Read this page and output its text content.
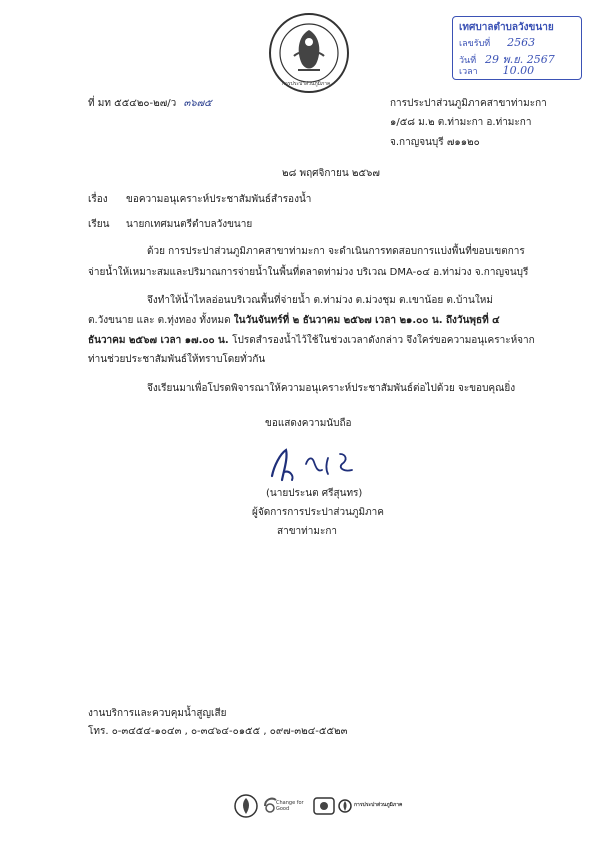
การประปาส่วนภูมิภาค
เทศบาลตำบลวังขนาย
เลขรับที่ 2563
วันที่ 29 พ.ย. 2567
เวลา 10.00
ที่ มท ๕๕๔๒๐-๒๗/ว ๓๖๗๕	การประปาส่วนภูมิภาคสาขาท่ามะกา
๑/๕๘ ม.๒ ต.ท่ามะกา อ.ท่ามะกา
จ.กาญจนบุรี ๗๑๑๒๐
๒๘ พฤศจิกายน ๒๕๖๗
เรื่อง ขอความอนุเคราะห์ประชาสัมพันธ์สำรองน้ำ
เรียน นายกเทศมนตรีตำบลวังขนาย
ด้วย การประปาส่วนภูมิภาคสาขาท่ามะกา จะดำเนินการทดสอบการแบ่งพื้นที่ขอบเขตการ
จ่ายน้ำให้เหมาะสมและปริมาณการจ่ายน้ำในพื้นที่ตลาดท่าม่วง บริเวณ DMA-๐๔ อ.ท่าม่วง จ.กาญจนบุรี
จึงทำให้น้ำไหลอ่อนบริเวณพื้นที่จ่ายน้ำ ต.ท่าม่วง ต.ม่วงชุม ต.เขาน้อย ต.บ้านใหม่
ต.วังขนาย และ ต.ทุ่งทอง ทั้งหมด ในวันจันทร์ที่ ๒ ธันวาคม ๒๕๖๗ เวลา ๒๑.๐๐ น. ถึงวันพุธที่ ๔
ธันวาคม ๒๕๖๗ เวลา ๑๗.๐๐ น. โปรดสำรองน้ำไว้ใช้ในช่วงเวลาดังกล่าว จึงใคร่ขอความอนุเคราะห์จาก
ท่านช่วยประชาสัมพันธ์ให้ทราบโดยทั่วกัน
จึงเรียนมาเพื่อโปรดพิจารณาให้ความอนุเคราะห์ประชาสัมพันธ์ต่อไปด้วย จะขอบคุณยิ่ง
ขอแสดงความนับถือ
(นายประนต ศรีสุนทร)
ผู้จัดการการประปาส่วนภูมิภาค
สาขาท่ามะกา
งานบริการและควบคุมน้ำสูญเสีย
โทร. ๐-๓๔๕๔-๑๐๔๓ , ๐-๓๔๖๔-๐๑๕๕ , ๐๙๗-๓๒๔-๕๕๒๓
Change for Good
การประปาส่วนภูมิภาค
